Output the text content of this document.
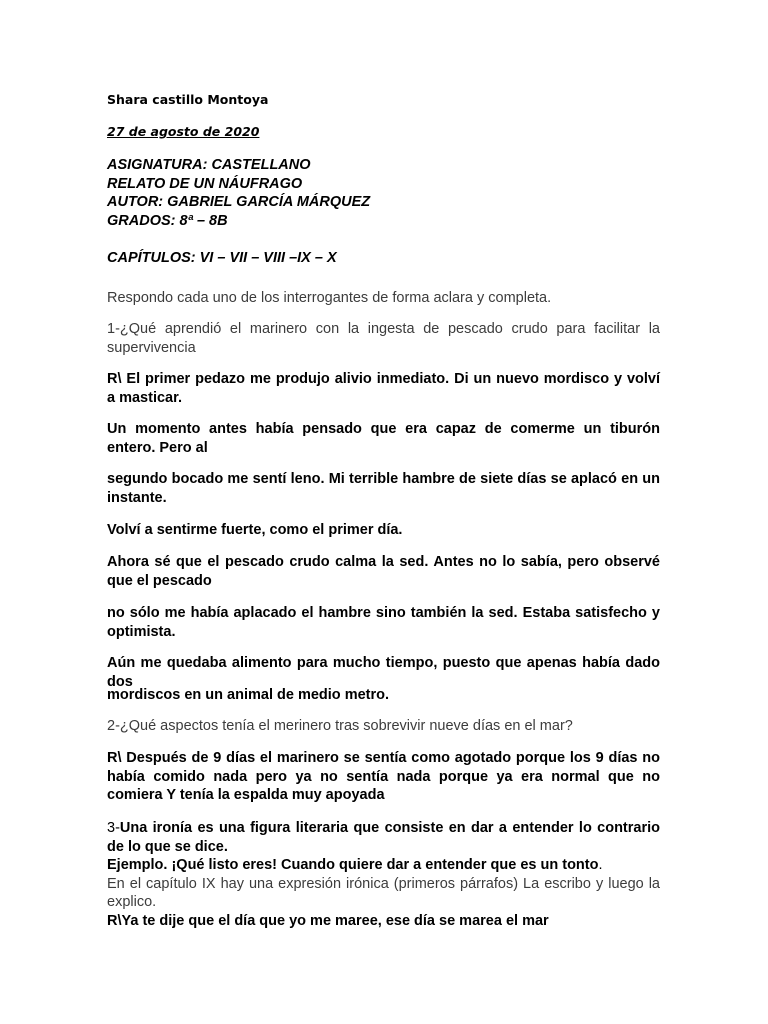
Shara castillo Montoya
27 de agosto de 2020
ASIGNATURA: CASTELLANO
RELATO DE UN NÁUFRAGO
AUTOR: GABRIEL GARCÍA MÁRQUEZ
GRADOS: 8ª – 8B
CAPÍTULOS: VI – VII – VIII –IX – X
Respondo cada uno de los interrogantes de forma aclara y completa.
1-¿Qué aprendió el marinero con la ingesta de pescado crudo para facilitar la supervivencia
R\ El primer pedazo me produjo alivio inmediato. Di un nuevo mordisco y volví a masticar.
Un momento antes había pensado que era capaz de comerme un tiburón entero. Pero al
segundo bocado me sentí leno. Mi terrible hambre de siete días se aplacó en un instante.
Volví a sentirme fuerte, como el primer día.
Ahora sé que el pescado crudo calma la sed. Antes no lo sabía, pero observé que el pescado
no sólo me había aplacado el hambre sino también la sed. Estaba satisfecho y optimista.
Aún me quedaba alimento para mucho tiempo, puesto que apenas había dado dos
mordiscos en un animal de medio metro.
2-¿Qué aspectos tenía el merinero tras sobrevivir nueve días en el mar?
R\ Después de 9 días el marinero se sentía como agotado porque los 9 días no había comido nada pero ya no sentía nada porque ya era normal que no comiera Y tenía la espalda muy apoyada
3-Una ironía es una figura literaria que consiste en dar a entender lo contrario de lo que se dice.
Ejemplo. ¡Qué listo eres! Cuando quiere dar a entender que es un tonto.
En el capítulo IX hay una expresión irónica (primeros párrafos) La escribo y luego la explico.
R\Ya te dije que el día que yo me maree, ese día se marea el mar
